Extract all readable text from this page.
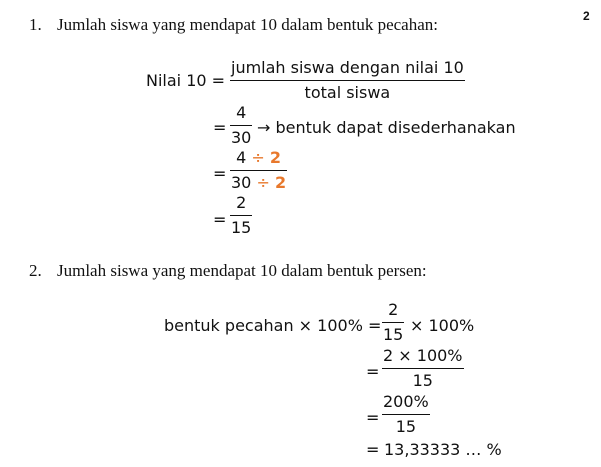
2
1. Jumlah siswa yang mendapat 10 dalam bentuk pecahan:
Nilai 10 =
jumlah siswa dengan nilai 10
total siswa
=
4
30
→ bentuk dapat disederhanakan
=
4 ÷ 2
30 ÷ 2
=
2
15
2. Jumlah siswa yang mendapat 10 dalam bentuk persen:
bentuk pecahan × 100% =
2
15 × 100%
=
2 × 100%
15
=
200%
15
= 13,33333 … %
